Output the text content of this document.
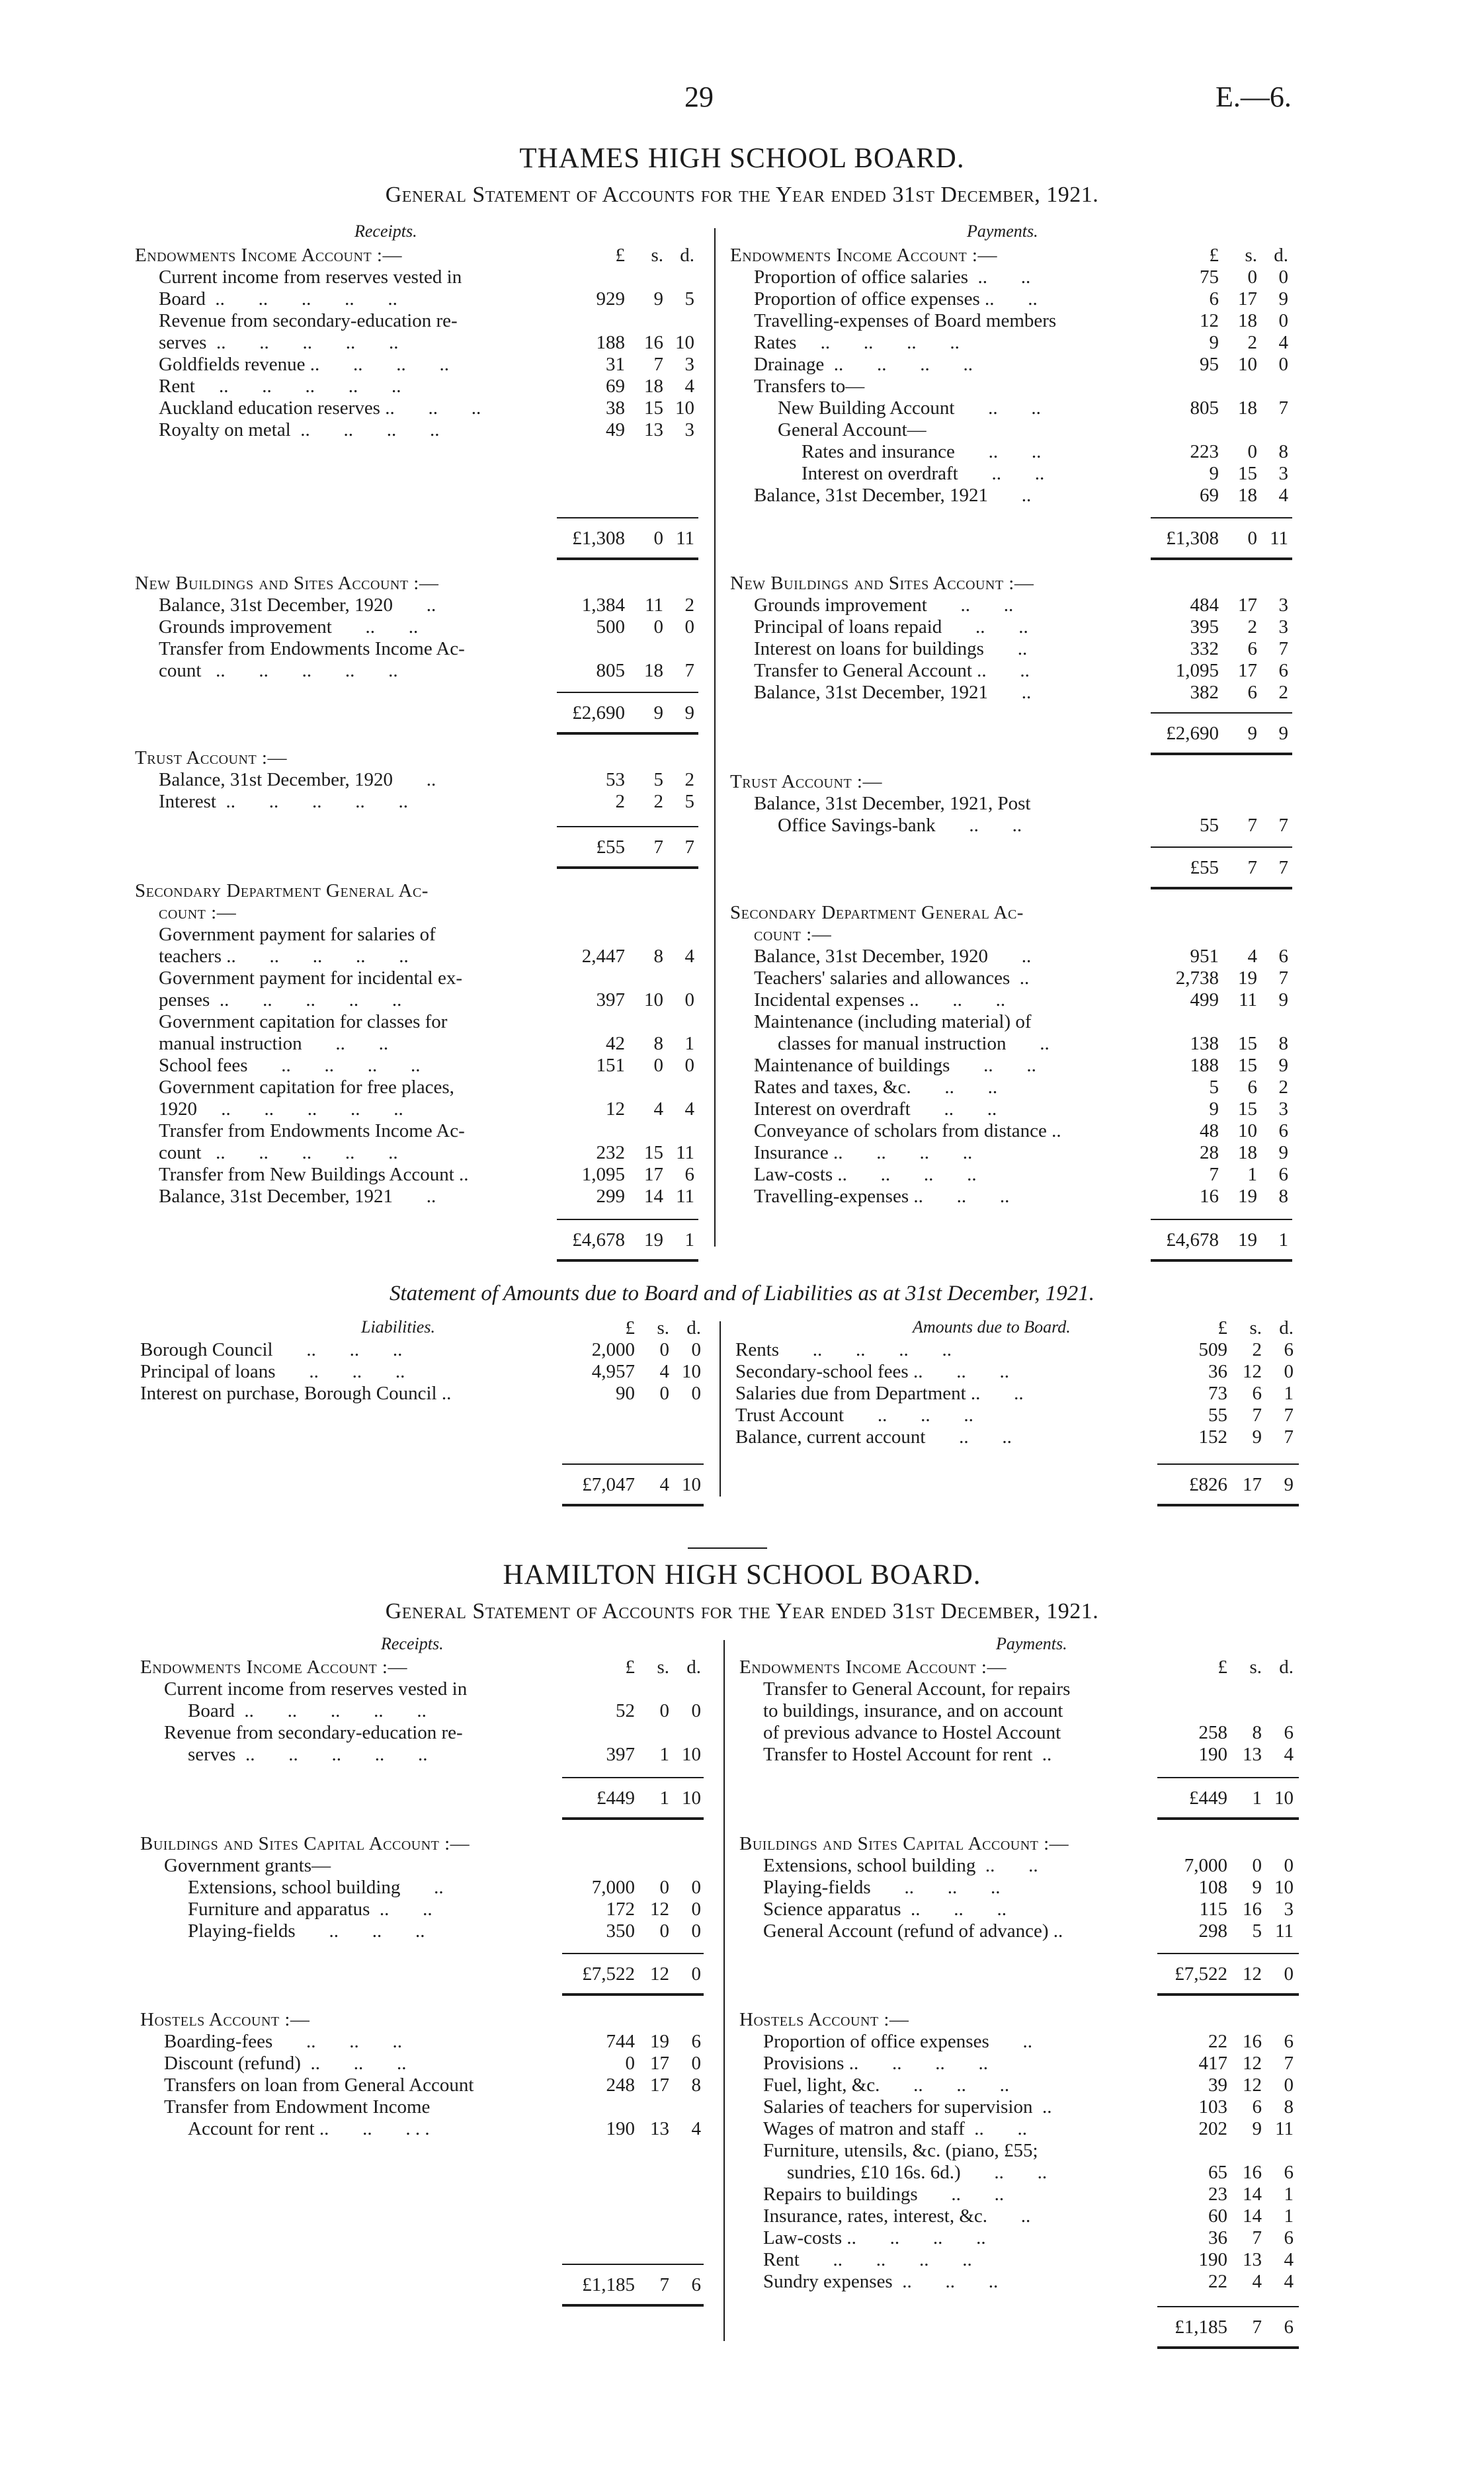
29	E.—6.
THAMES HIGH SCHOOL BOARD.
General Statement of Accounts for the Year ended 31st December, 1921.
Receipts.	Payments.
Endowments Income Account :—	£	s. d.
Current income from reserves vested in
Board  ..       ..       ..       ..       ..	929	9	5
Revenue from secondary-education re-
serves  ..       ..       ..       ..       ..	188	16 10
Goldfields revenue ..       ..       ..       ..	31	7	3
Rent     ..       ..       ..       ..       ..	69	18	4
Auckland education reserves ..       ..       ..	38	15 10
Royalty on metal  ..       ..       ..       ..	49	13	3
£1,308	0 11
New Buildings and Sites Account :—
Balance, 31st December, 1920       ..	1,384	11	2
Grounds improvement       ..       ..	500	0	0
Transfer from Endowments Income Ac-
count   ..       ..       ..       ..       ..	805	18	7
£2,690	9	9
Trust Account :—
Balance, 31st December, 1920       ..	53	5	2
Interest  ..       ..       ..       ..       ..	2	2	5
£55	7	7
Secondary Department General Ac-
count :—
Government payment for salaries of
teachers ..       ..       ..       ..       ..	2,447	8	4
Government payment for incidental ex-
penses  ..       ..       ..       ..       ..	397	10	0
Government capitation for classes for
manual instruction       ..       ..	42	8	1
School fees       ..       ..       ..       ..	151	0	0
Government capitation for free places,
1920     ..       ..       ..       ..       ..	12	4	4
Transfer from Endowments Income Ac-
count   ..       ..       ..       ..       ..	232	15 11
Transfer from New Buildings Account ..	1,095	17	6
Balance, 31st December, 1921       ..	299	14 11
£4,678	19	1
Endowments Income Account :—	£	s. d.
Proportion of office salaries  ..       ..	75	0	0
Proportion of office expenses ..       ..	6	17	9
Travelling-expenses of Board members	12	18	0
Rates     ..       ..       ..       ..	9	2	4
Drainage  ..       ..       ..       ..	95	10	0
Transfers to—
New Building Account       ..       ..	805	18	7
General Account—
Rates and insurance       ..       ..	223	0	8
Interest on overdraft       ..       ..	9	15	3
Balance, 31st December, 1921       ..	69	18	4
£1,308	0 11
New Buildings and Sites Account :—
Grounds improvement       ..       ..	484	17	3
Principal of loans repaid       ..       ..	395	2	3
Interest on loans for buildings       ..	332	6	7
Transfer to General Account ..       ..	1,095	17	6
Balance, 31st December, 1921       ..	382	6	2
£2,690	9	9
Trust Account :—
Balance, 31st December, 1921, Post
Office Savings-bank       ..       ..	55	7	7
£55	7	7
Secondary Department General Ac-
count :—
Balance, 31st December, 1920       ..	951	4	6
Teachers' salaries and allowances  ..	2,738	19	7
Incidental expenses ..       ..       ..	499	11	9
Maintenance (including material) of
classes for manual instruction       ..	138	15	8
Maintenance of buildings       ..       ..	188	15	9
Rates and taxes, &c.       ..       ..	5	6	2
Interest on overdraft       ..       ..	9	15	3
Conveyance of scholars from distance ..	48	10	6
Insurance ..       ..       ..       ..	28	18	9
Law-costs ..       ..       ..       ..	7	1	6
Travelling-expenses ..       ..       ..	16	19	8
£4,678	19	1
Statement of Amounts due to Board and of Liabilities as at 31st December, 1921.
Liabilities.	Amounts due to Board.
£	s. d.
Borough Council       ..       ..       ..	2,000	0	0
Principal of loans       ..       ..       ..	4,957	4 10
Interest on purchase, Borough Council ..	90	0	0
£7,047	4 10
£	s. d.
Rents       ..       ..       ..       ..	509	2	6
Secondary-school fees ..       ..       ..	36 12	0
Salaries due from Department ..       ..	73	6	1
Trust Account       ..       ..       ..	55	7	7
Balance, current account       ..       ..	152	9	7
£826 17	9
HAMILTON HIGH SCHOOL BOARD.
General Statement of Accounts for the Year ended 31st December, 1921.
Receipts.	Payments.
Endowments Income Account :—	£	s. d.
Current income from reserves vested in
Board  ..       ..       ..       ..       ..	52	0	0
Revenue from secondary-education re-
serves  ..       ..       ..       ..       ..	397	1 10
£449	1 10
Buildings and Sites Capital Account :—
Government grants—
Extensions, school building       ..	7,000	0	0
Furniture and apparatus  ..       ..	172 12	0
Playing-fields       ..       ..       ..	350	0	0
£7,522 12	0
Hostels Account :—
Boarding-fees       ..       ..       ..	744 19	6
Discount (refund)  ..       ..       ..	0 17	0
Transfers on loan from General Account	248 17	8
Transfer from Endowment Income
Account for rent ..       ..       . . .	190 13	4
£1,185	7	6
Endowments Income Account :—	£	s. d.
Transfer to General Account, for repairs
to buildings, insurance, and on account
of previous advance to Hostel Account	258	8	6
Transfer to Hostel Account for rent  ..	190 13	4
£449	1 10
Buildings and Sites Capital Account :—
Extensions, school building  ..       ..	7,000	0	0
Playing-fields       ..       ..       ..	108	9 10
Science apparatus  ..       ..       ..	115 16	3
General Account (refund of advance) ..	298	5 11
£7,522 12	0
Hostels Account :—
Proportion of office expenses       ..	22 16	6
Provisions ..       ..       ..       ..	417 12	7
Fuel, light, &c.       ..       ..       ..	39 12	0
Salaries of teachers for supervision  ..	103	6	8
Wages of matron and staff  ..       ..	202	9 11
Furniture, utensils, &c. (piano, £55;
sundries, £10 16s. 6d.)       ..       ..	65 16	6
Repairs to buildings       ..       ..	23 14	1
Insurance, rates, interest, &c.       ..	60 14	1
Law-costs ..       ..       ..       ..	36	7	6
Rent       ..       ..       ..       ..	190 13	4
Sundry expenses  ..       ..       ..	22	4	4
£1,185	7	6
